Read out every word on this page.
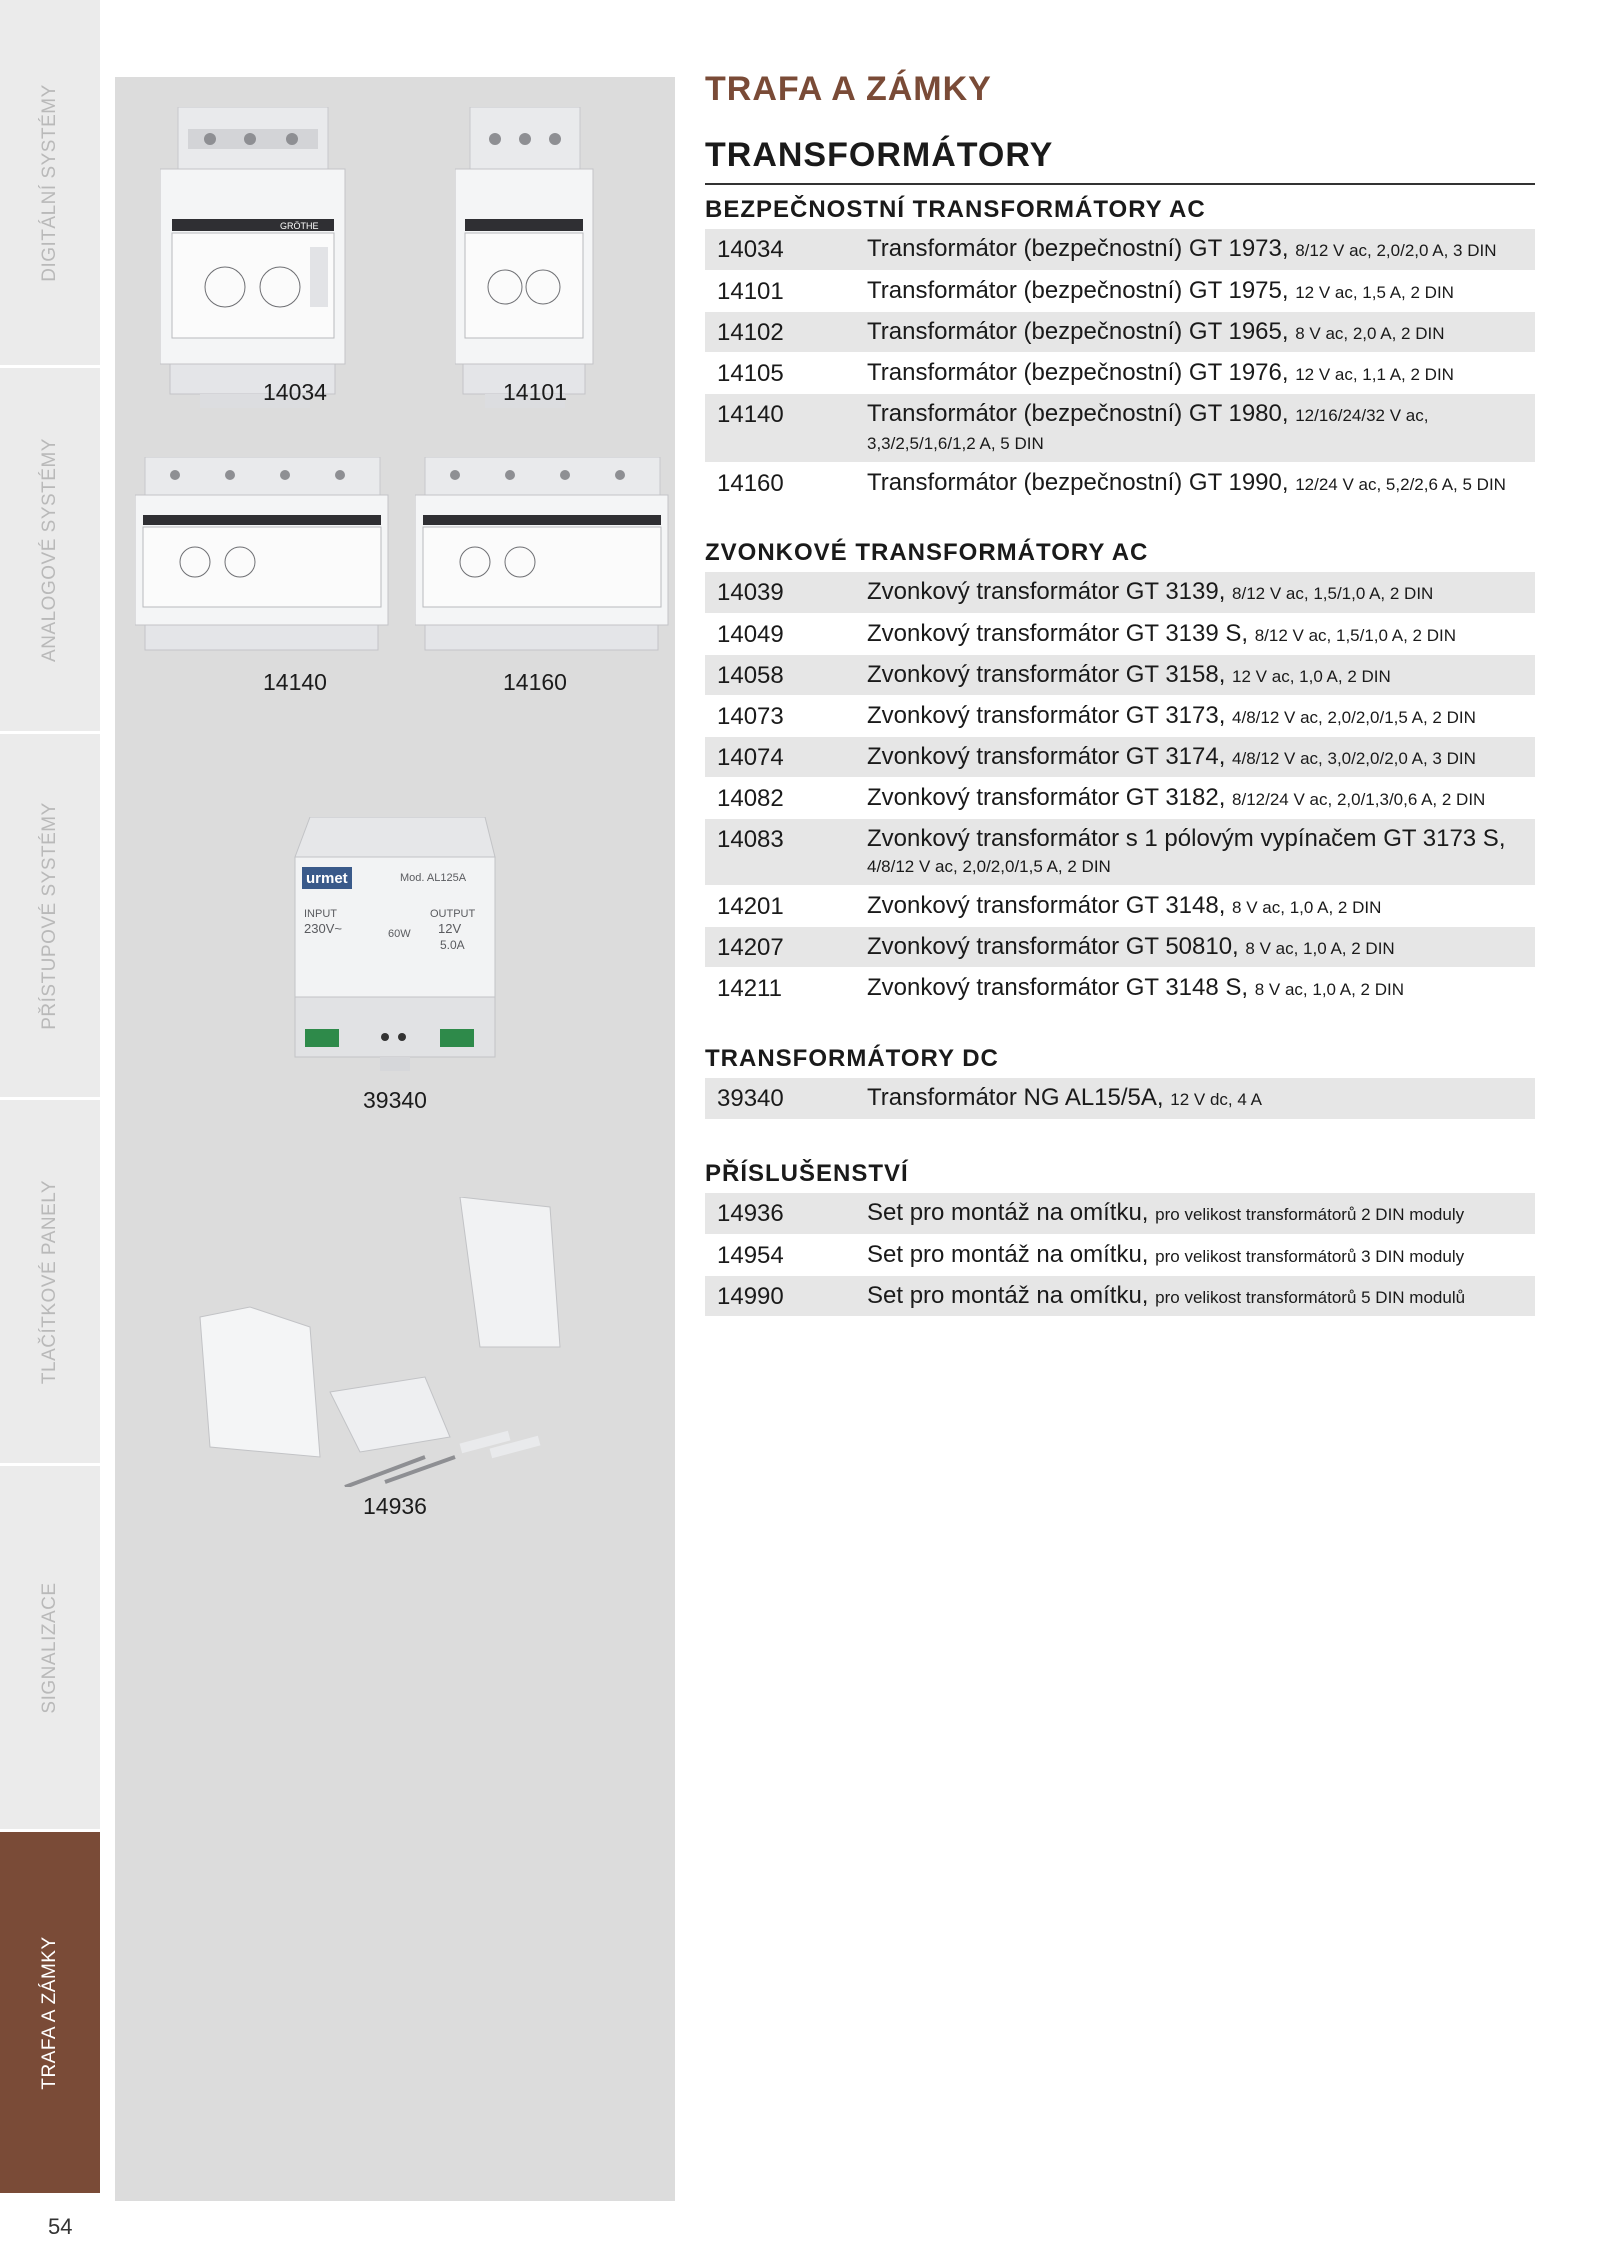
DIGITÁLNÍ SYSTÉMY
ANALOGOVÉ SYSTÉMY
PŘÍSTUPOVÉ SYSTÉMY
TLAČÍTKOVÉ PANELY
SIGNALIZACE
TRAFA A ZÁMKY
54
GRÖTHE
14034	14101
14140	14160
urmet	Mod. AL125A
INPUT
230V~
OUTPUT
12V
5.0A
60W
39340
14936
TRAFA A ZÁMKY
TRANSFORMÁTORY
BEZPEČNOSTNÍ TRANSFORMÁTORY AC
14034	Transformátor (bezpečnostní) GT 1973, 8/12 V ac, 2,0/2,0 A, 3 DIN
14101	Transformátor (bezpečnostní) GT 1975, 12 V ac, 1,5 A, 2 DIN
14102	Transformátor (bezpečnostní) GT 1965, 8 V ac, 2,0 A, 2 DIN
14105	Transformátor (bezpečnostní) GT 1976, 12 V ac, 1,1 A, 2 DIN
14140	Transformátor (bezpečnostní) GT 1980, 12/16/24/32 V ac, 3,3/2,5/1,6/1,2 A, 5 DIN
14160	Transformátor (bezpečnostní) GT 1990, 12/24 V ac, 5,2/2,6 A, 5 DIN
ZVONKOVÉ TRANSFORMÁTORY AC
14039	Zvonkový transformátor GT 3139, 8/12 V ac, 1,5/1,0 A, 2 DIN
14049	Zvonkový transformátor GT 3139 S, 8/12 V ac, 1,5/1,0 A, 2 DIN
14058	Zvonkový transformátor GT 3158, 12 V ac, 1,0 A, 2 DIN
14073	Zvonkový transformátor GT 3173, 4/8/12 V ac, 2,0/2,0/1,5 A, 2 DIN
14074	Zvonkový transformátor GT 3174, 4/8/12 V ac, 3,0/2,0/2,0 A, 3 DIN
14082	Zvonkový transformátor GT 3182, 8/12/24 V ac, 2,0/1,3/0,6 A, 2 DIN
14083	Zvonkový transformátor s 1 pólovým vypínačem GT 3173 S, 4/8/12 V ac, 2,0/2,0/1,5 A, 2 DIN
14201	Zvonkový transformátor GT 3148, 8 V ac, 1,0 A, 2 DIN
14207	Zvonkový transformátor GT 50810, 8 V ac, 1,0 A, 2 DIN
14211	Zvonkový transformátor GT 3148 S, 8 V ac, 1,0 A, 2 DIN
TRANSFORMÁTORY DC
39340	Transformátor NG AL15/5A, 12 V dc, 4 A
PŘÍSLUŠENSTVÍ
14936	Set pro montáž na omítku, pro velikost transformátorů 2 DIN moduly
14954	Set pro montáž na omítku, pro velikost transformátorů 3 DIN moduly
14990	Set pro montáž na omítku, pro velikost transformátorů 5 DIN modulů
